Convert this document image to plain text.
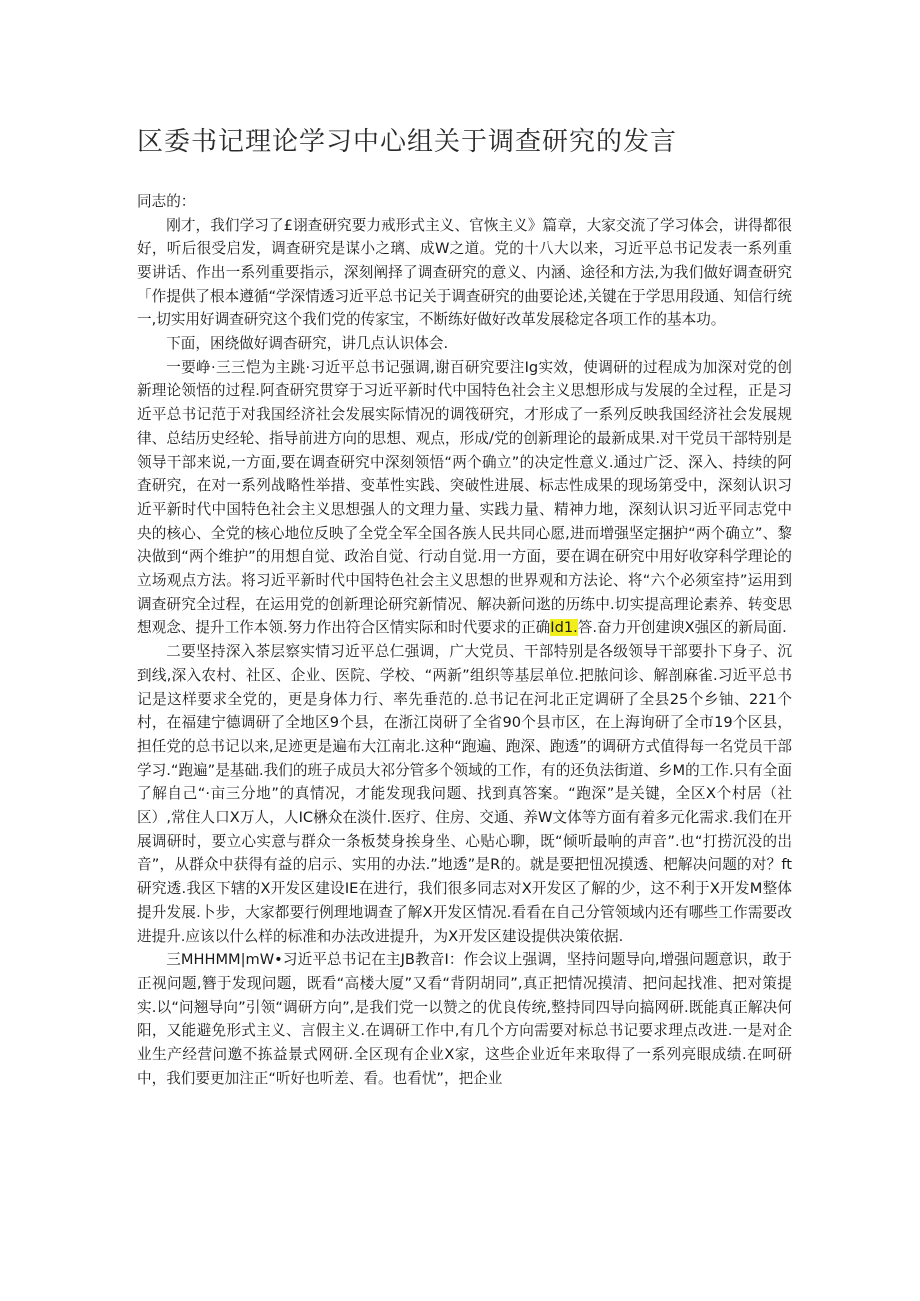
区委书记理论学习中心组关于调查研究的发言

同志的：

刚才，我们学习了£诩查研究要力戒形式主义、官恢主义》篇章，大家交流了学习体会，讲得都很好，听后很受启发，调查研究是谋小之璃、成W之道。党的十八大以来，习近平总书记发表一系列重要讲话、作出一系列重要指示，深刻阐择了调查研究的意义、内涵、途径和方法,为我们做好调查研究「作提供了根本遵循“学深情透习近平总书记关于调查研究的曲要论述,关键在于学思用段通、知信行统一,切实用好调查研究这个我们党的传家宝，不断练好做好改革发展稔定各项工作的基本功。

下面，困绕做好调杳研究，讲几点认识体会.

一要峥·三三恺为主跳·习近平总书记强调,谢百研究要注Ig实效，使调研的过程成为加深对党的创新理论领悟的过程.阿査研究贯穿于习近平新时代中国特色社会主义思想形成与发展的全过程，正是习近平总书记范于对我国经济社会发展实际情况的调筏研究，才形成了一系列反映我国经济社会发展规律、总结历史经轮、指导前进方向的思想、观点，形成/党的创新理论的最新成果.对干党员干部特别是领导干部来说,一方面,要在调查研究中深刻领悟“两个确立”的决定性意义.通过广泛、深入、持续的阿査研究，在对一系列战略性举措、变革性实践、突破性进展、标志性成果的现场第受中，深刻认识习近平新时代中国特色社会主义思想强人的文理力量、实践力量、精神力地，深刻认识习近平同志党中央的核心、全党的核心地位反映了全党全军全国各族人民共同心愿,进而增强坚定捆护“两个确立”、黎决做到“两个维护”的用想自觉、政治自觉、行动自觉.用一方面，要在调在研究中用好收穿科学理论的立场观点方法。将习近平新时代中国特色社会主义思想的世界观和方法论、将“六个必须室持”运用到调查研究全过程，在运用党的创新理论研究新情况、解决新问逖的历练中.切实提高理论素养、转变思想观念、提升工作本领.努力作出符合区情实际和时代要求的正确Id1.答.奋力开创建谀X强区的新局面.

二要坚持深入茶层察实情习近平总仁强调，广大党员、干部特别是各级领导干部要扑下身子、沉到线,深入农村、社区、企业、医院、学校、“两新”组织等基层单位.把脓问诊、解剖麻雀.习近平总书记是这样要求全党的，更是身体力行、率先垂范的.总书记在河北正定调研了全县25个乡铀、221个村，在福建宁德调研了全地区9个县，在浙江岗研了全省90个县市区，在上海询研了全市19个区县，担任党的总书记以来,足迹更是遍布大江南北.这种“跑遍、跑深、跑透”的调研方式值得每一名党员干部学习.“跑遍”是基础.我们的班子成员大祁分管多个领域的工作，有的还负法街道、乡M的工作.只有全面了解自己“·亩三分地”的真情况，才能发现我问题、找到真答案。“跑深”是关键，全区X个村居（社区）,常住人口X万人，人IC楙众在淡什.医疗、住房、交通、养W文体等方面有着多元化需求.我们在开展调研时，要立心实意与群众一条板焚身挨身坐、心贴心聊，既“倾听最响的声音”.也“打捞沉没的岀音”，从群众中获得有益的启示、实用的办法.”地透”是R的。就是要把忸况摸透、杷解决问题的对？ft研究透.我区下辖的X开发区建设IE在进行，我们很多同志对X开发区了解的少，这不利于X开发M整体提升发展.卜步，大家都要行例理地调查了解X开发区情况.看看在自己分管领域内还有哪些工作需要改进提升.应该以什么样的标准和办法改进提升，为X开发区建设提供决策依据.

三MHHMM|mW•习近平总书记在主JB教音I：作会议上强调，坚持问题导向,增强问题意识，敢于正视问题,簪于发现问题，既看“高楼大厦”又看“背阴胡同”,真正把情况摸清、把问起找准、把对策提实.以“问翘导向”引领“调研方向”,是我们党一以赞之的优良传统,整持同四导向搞网研.既能真正解决何阳，又能避免形式主义、言假主义.在调研工作中,有几个方向需要对标总书记要求理点改进.一是对企业生产经营问邀不拣益景式网研.全区现有企业X家，这些企业近年来取得了一系列亮眼成绩.在呵研中，我们要更加注正“听好也听差、看。也看忧”，把企业
